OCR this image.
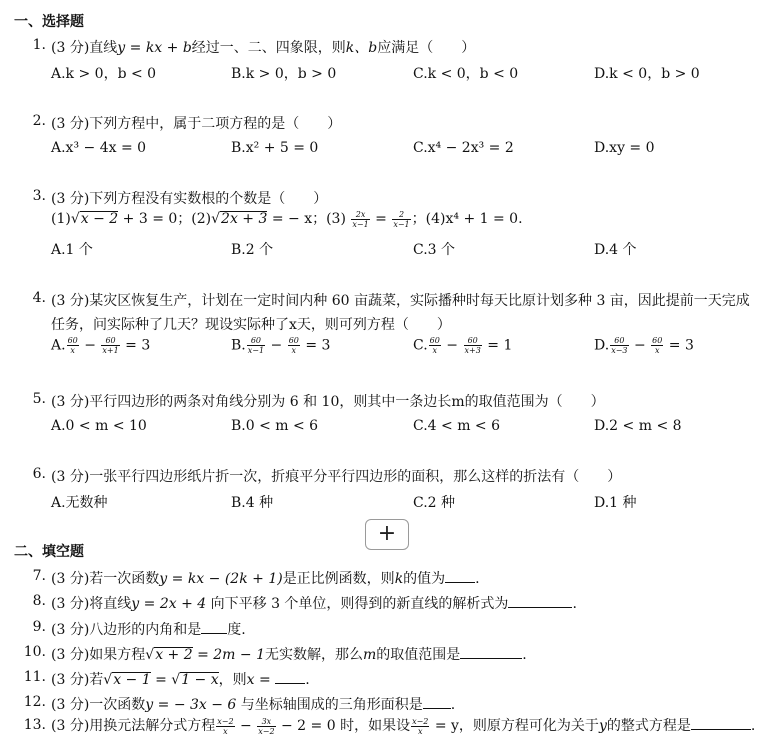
一、选择题
1. (3 分)直线y = kx + b经过一、二、四象限，则k、b应满足（　　）
A.k > 0，b < 0	B.k > 0，b > 0	C.k < 0，b < 0	D.k < 0，b > 0
2. (3 分)下列方程中，属于二项方程的是（　　）
A.x³ − 4x = 0	B.x² + 5 = 0	C.x⁴ − 2x³ = 2	D.xy = 0
3. (3 分)下列方程没有实数根的个数是（　　）
(1)√x − 2 + 3 = 0；(2)√2x + 3 = − x；$(3) \frac{2x}{x-1} = \frac{2}{x-1}$ ；(4)x⁴ + 1 = 0.
A.1 个	B.2 个	C.3 个	D.4 个
4. (3 分)某灾区恢复生产，计划在一定时间内种 60 亩蔬菜，实际播种时每天比原计划多种 3 亩，因此提前一天完成
任务，问实际种了几天？现设实际种了x天，则可列方程（　　）
A. $\frac{60}{x} - \frac{60}{x+1} = 3$	B. $\frac{60}{x-1} - \frac{60}{x} = 3$	C. $\frac{60}{x} - \frac{60}{x+3} = 1$	D. $\frac{60}{x-3} - \frac{60}{x} = 3$
5. (3 分)平行四边形的两条对角线分别为 6 和 10，则其中一条边长m的取值范围为（　　）
A.0 < m < 10	B.0 < m < 6	C.4 < m < 6	D.2 < m < 8
6. (3 分)一张平行四边形纸片折一次，折痕平分平行四边形的面积，那么这样的折法有（　　）
A.无数种	B.4 种	C.2 种	D.1 种
+
二、填空题
7. (3 分)若一次函数y = kx − (2k + 1)是正比例函数，则k的值为 .
8. (3 分)将直线y = 2x + 4 向下平移 3 个单位，则得到的新直线的解析式为	.
9. (3 分)八边形的内角和是 度.
10. (3 分)如果方程√x + 2 = 2m − 1无实数解，那么m的取值范围是	.
11. (3 分)若√x − 1 = √1 − x，则x = .
12. (3 分)一次函数y = − 3x − 6 与坐标轴围成的三角形面积是 .
13. (3 分)用换元法解分式方程 $\frac{x-2}{x} - \frac{3x}{x-2} - 2 = 0$ 时，如果设 $\frac{x-2}{x} = y$，则原方程可化为关于y的整式方程是	.
